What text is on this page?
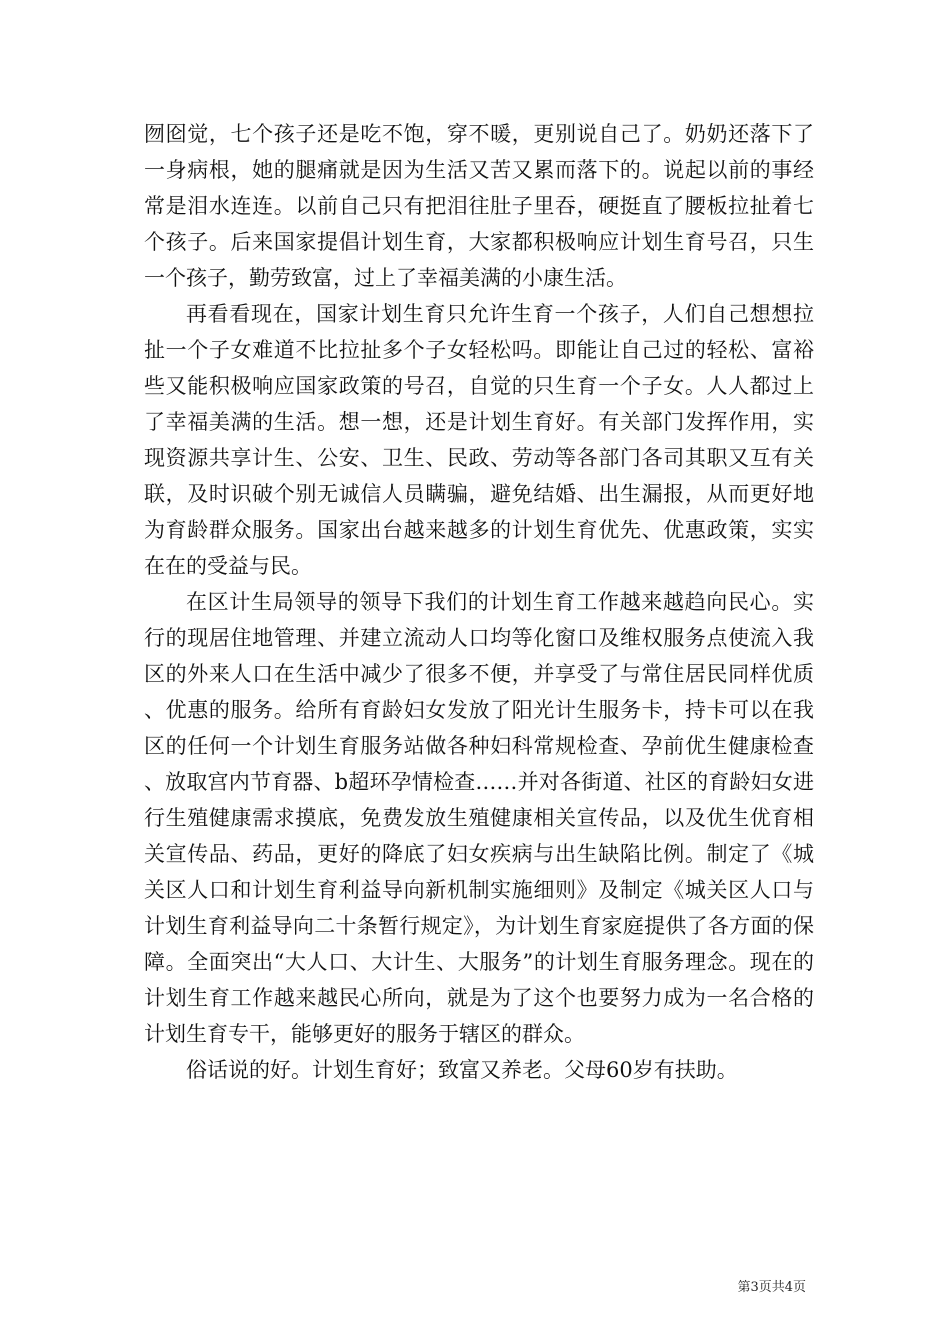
囫囵觉，七个孩子还是吃不饱，穿不暖，更别说自己了。奶奶还落下了一身病根，她的腿痛就是因为生活又苦又累而落下的。说起以前的事经常是泪水连连。以前自己只有把泪往肚子里吞，硬挺直了腰板拉扯着七个孩子。后来国家提倡计划生育，大家都积极响应计划生育号召，只生一个孩子，勤劳致富，过上了幸福美满的小康生活。

再看看现在，国家计划生育只允许生育一个孩子，人们自己想想拉扯一个子女难道不比拉扯多个子女轻松吗。即能让自己过的轻松、富裕些又能积极响应国家政策的号召，自觉的只生育一个子女。人人都过上了幸福美满的生活。想一想，还是计划生育好。有关部门发挥作用，实现资源共享计生、公安、卫生、民政、劳动等各部门各司其职又互有关联，及时识破个别无诚信人员瞒骗，避免结婚、出生漏报，从而更好地为育龄群众服务。国家出台越来越多的计划生育优先、优惠政策，实实在在的受益与民。

在区计生局领导的领导下我们的计划生育工作越来越趋向民心。实行的现居住地管理、并建立流动人口均等化窗口及维权服务点使流入我区的外来人口在生活中减少了很多不便，并享受了与常住居民同样优质、优惠的服务。给所有育龄妇女发放了阳光计生服务卡，持卡可以在我区的任何一个计划生育服务站做各种妇科常规检查、孕前优生健康检查、放取宫内节育器、b超环孕情检查……并对各街道、社区的育龄妇女进行生殖健康需求摸底，免费发放生殖健康相关宣传品，以及优生优育相关宣传品、药品，更好的降底了妇女疾病与出生缺陷比例。制定了《城关区人口和计划生育利益导向新机制实施细则》及制定《城关区人口与计划生育利益导向二十条暂行规定》，为计划生育家庭提供了各方面的保障。全面突出“大人口、大计生、大服务”的计划生育服务理念。现在的计划生育工作越来越民心所向，就是为了这个也要努力成为一名合格的计划生育专干，能够更好的服务于辖区的群众。

俗话说的好。计划生育好；致富又养老。父母60岁有扶助。

第3页共4页
